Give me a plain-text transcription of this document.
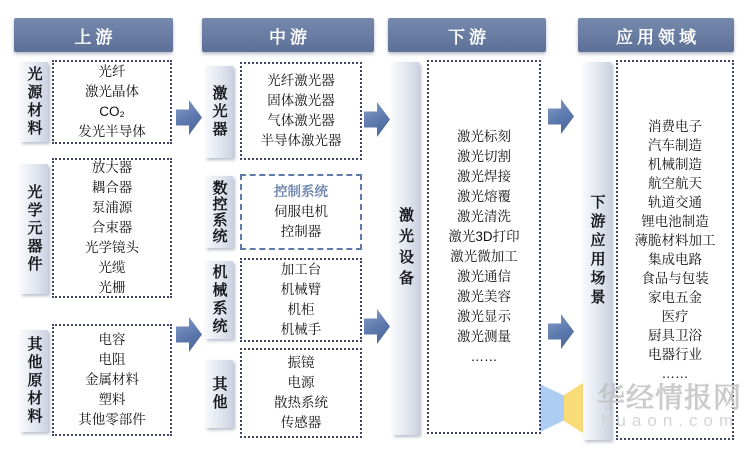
上游	中游	下游	应用领域
光源材料	光纤
激光晶体
CO₂
发光半导体
光学元器件
放大器
耦合器
泵浦源
合束器
光学镜头
光缆
光栅
其他原材料	电容
电阻
金属材料
塑料
其他零部件
激光器
光纤激光器
固体激光器
气体激光器
半导体激光器
数控系统	控制系统
伺服电机
控制器
机械系统	加工台
机械臂
机柜
机械手
其他
振镜
电源
散热系统
传感器
激光设备
激光标刻
激光切割
激光焊接
激光熔覆
激光清洗
激光3D打印
激光微加工
激光通信
激光美容
激光显示
激光测量
……
下游应用场景
消费电子
汽车制造
机械制造
航空航天
轨道交通
锂电池制造
薄脆材料加工
集成电路
食品与包装
家电五金
医疗
厨具卫浴
电器行业
……
华经情报网
huaon.com
